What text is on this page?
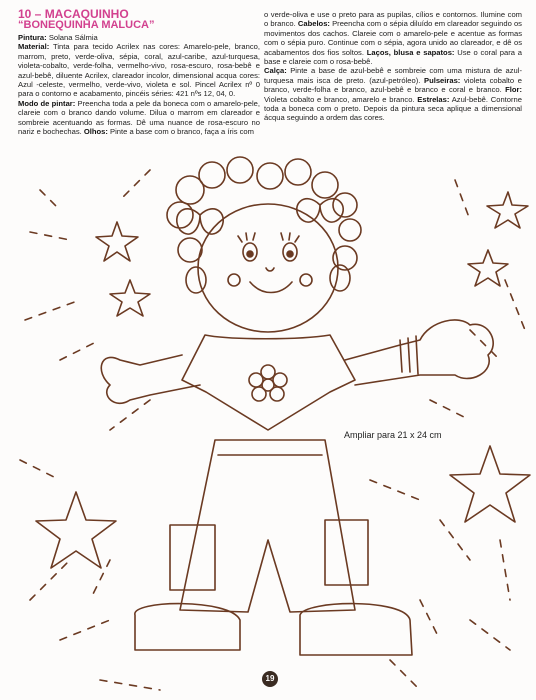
10 – MACAQUINHO
“BONEQUINHA MALUCA”
Pintura: Solana Sálmia
Material: Tinta para tecido Acrilex nas cores: Amarelo-pele, branco, marrom, preto, verde-oliva, sépia, coral, azul-caribe, azul-turquesa, violeta-cobalto, verde-folha, vermelho-vivo, rosa-escuro, rosa-bebê e azul-bebê, diluente Acrilex, clareador incolor, dimensional acqua cores: Azul -celeste, vermelho, verde-vivo, violeta e sol. Pincel Acrilex nº 0 para o contorno e acabamento, pincéis séries: 421 nºs 12, 04, 0.
Modo de pintar: Preencha toda a pele da boneca com o amarelo-pele, clareie com o branco dando volume. Dilua o marrom em clareador e sombreie acentuando as formas. Dê uma nuance de rosa-escuro no nariz e bochechas. Olhos: Pinte a base com o branco, faça a íris com
o verde-oliva e use o preto para as pupilas, cílios e contornos. Ilumine com o branco. Cabelos: Preencha com o sépia diluído em clareador seguindo os movimentos dos cachos. Clareie com o amarelo-pele e acentue as formas com o sépia puro. Continue com o sépia, agora unido ao clareador, e dê os acabamentos dos fios soltos. Laços, blusa e sapatos: Use o coral para a base e clareie com o rosa-bebê.
Calça: Pinte a base de azul-bebê e sombreie com uma mistura de azul-turquesa mais isca de preto. (azul-petróleo). Pulseiras: violeta cobalto e branco, verde-folha e branco, azul-bebê e branco e coral e branco. Flor: Violeta cobalto e branco, amarelo e branco. Estrelas: Azul-bebê. Contorne toda a boneca com o preto. Depois da pintura seca aplique a dimensional ácqua seguindo a ordem das cores.
Ampliar para 21 x 24 cm
19
